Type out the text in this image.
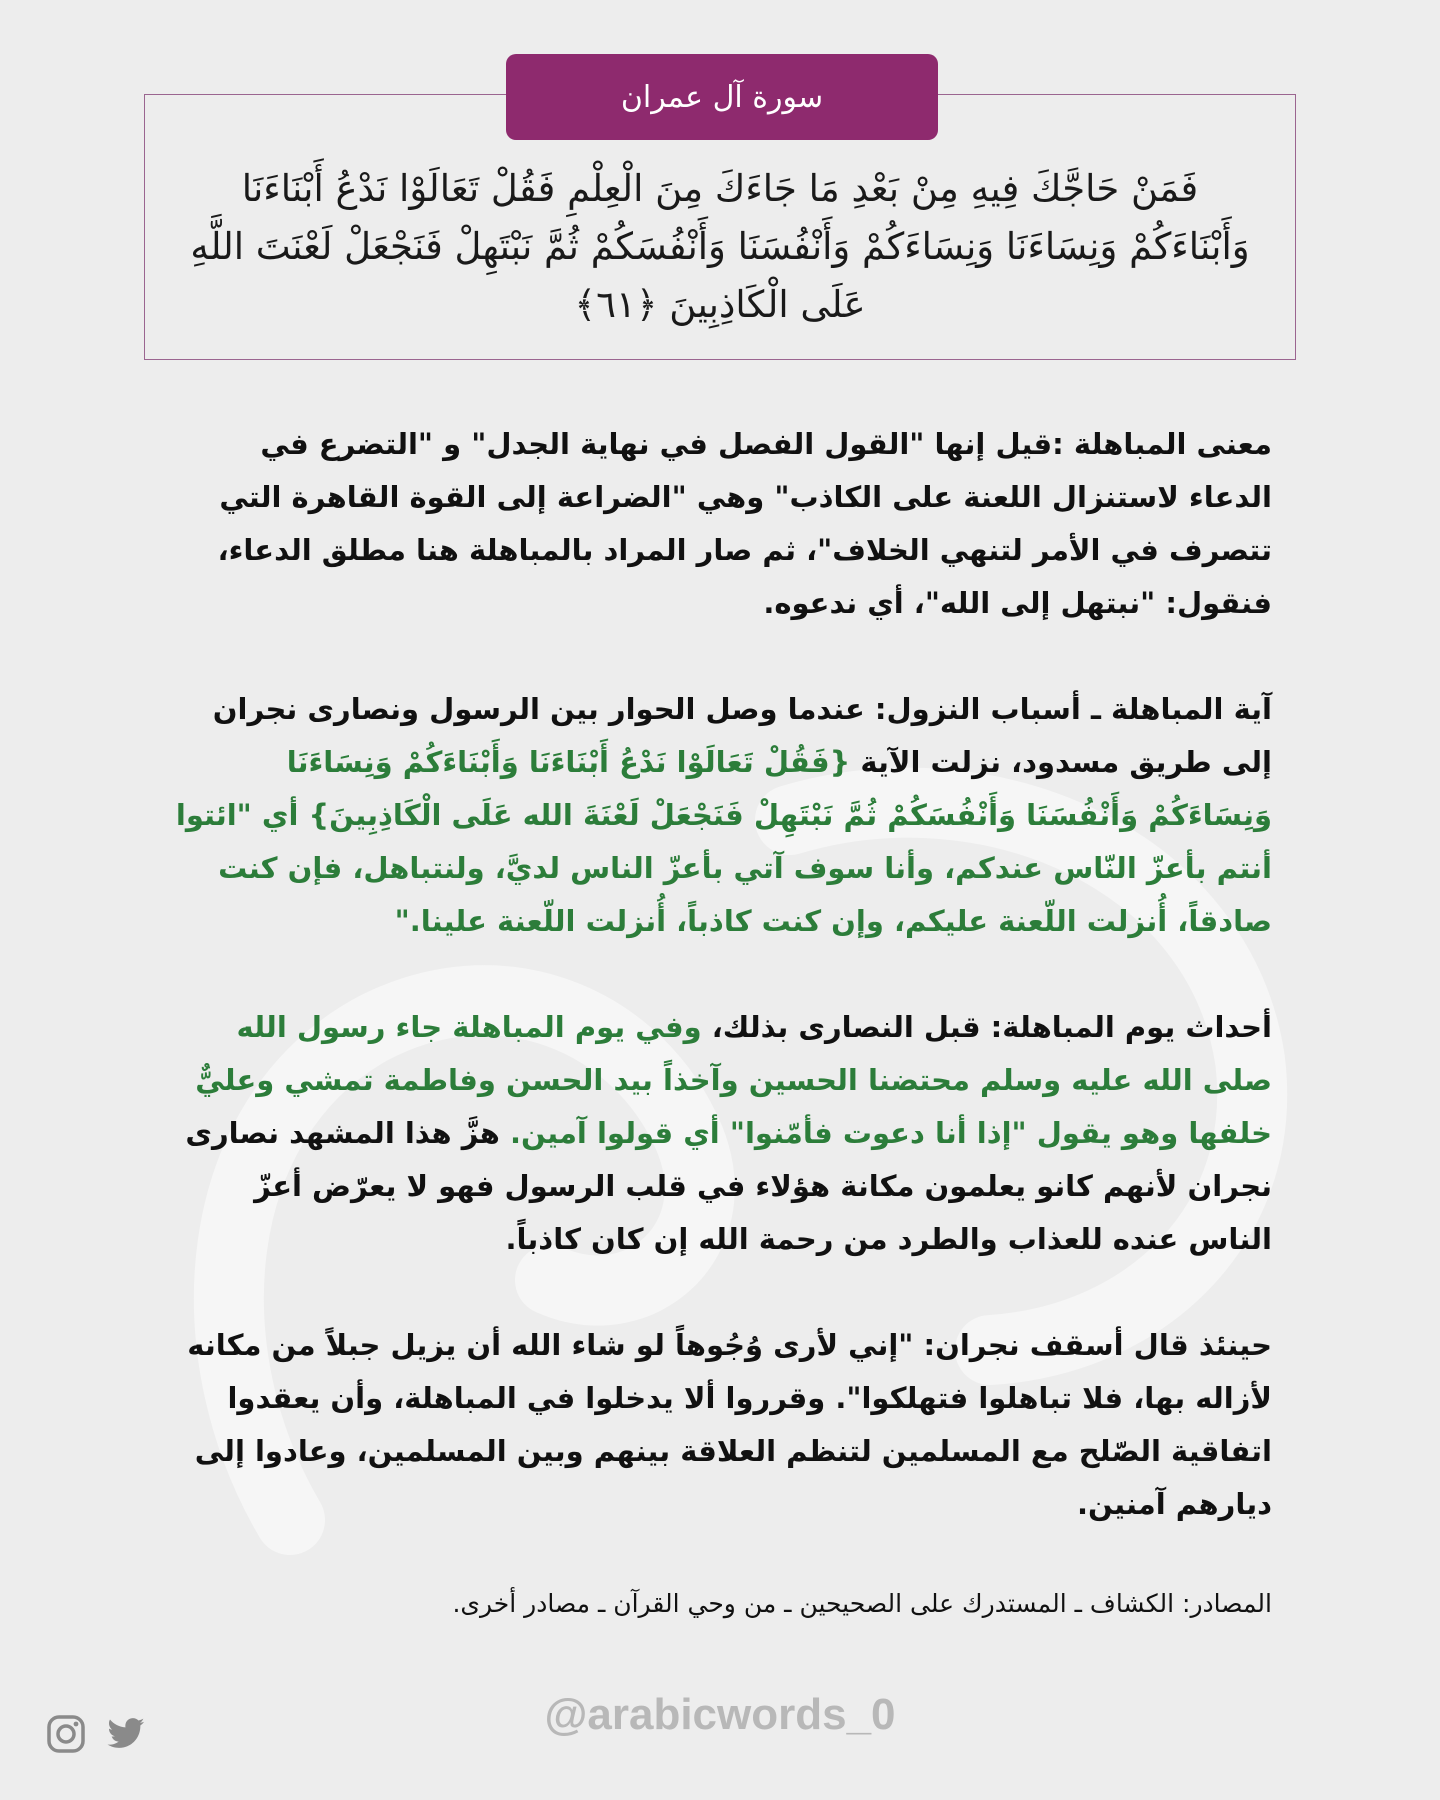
سورة آل عمران
فَمَنْ حَاجَّكَ فِيهِ مِنْ بَعْدِ مَا جَاءَكَ مِنَ الْعِلْمِ فَقُلْ تَعَالَوْا نَدْعُ أَبْنَاءَنَا وَأَبْنَاءَكُمْ وَنِسَاءَنَا وَنِسَاءَكُمْ وَأَنْفُسَنَا وَأَنْفُسَكُمْ ثُمَّ نَبْتَهِلْ فَنَجْعَلْ لَعْنَتَ اللَّهِ عَلَى الْكَاذِبِينَ ﴿٦١﴾

معنى المباهلة :قيل إنها "القول الفصل في نهاية الجدل" و "التضرع في الدعاء لاستنزال اللعنة على الكاذب" وهي "الضراعة إلى القوة القاهرة التي تتصرف في الأمر لتنهي الخلاف"، ثم صار المراد بالمباهلة هنا مطلق الدعاء، فنقول: "نبتهل إلى الله"، أي ندعوه.

آية المباهلة ـ أسباب النزول: عندما وصل الحوار بين الرسول ونصارى نجران إلى طريق مسدود، نزلت الآية {فَقُلْ تَعَالَوْا نَدْعُ أَبْنَاءَنَا وَأَبْنَاءَكُمْ وَنِسَاءَنَا وَنِسَاءَكُمْ وَأَنْفُسَنَا وَأَنْفُسَكُمْ ثُمَّ نَبْتَهِلْ فَنَجْعَلْ لَعْنَةَ الله عَلَى الْكَاذِبِينَ} أي "ائتوا أنتم بأعزّ النّاس عندكم، وأنا سوف آتي بأعزّ الناس لديَّ، ولنتباهل، فإن كنت صادقاً، أُنزلت اللّعنة عليكم، وإن كنت كاذباً، أُنزلت اللّعنة علينا."

أحداث يوم المباهلة: قبل النصارى بذلك، وفي يوم المباهلة جاء رسول الله صلى الله عليه وسلم محتضنا الحسين وآخذاً بيد الحسن وفاطمة تمشي وعليٌّ خلفها وهو يقول "إذا أنا دعوت فأمّنوا" أي قولوا آمين. هزَّ هذا المشهد نصارى نجران لأنهم كانو يعلمون مكانة هؤلاء في قلب الرسول فهو لا يعرّض أعزّ الناس عنده للعذاب والطرد من رحمة الله إن كان كاذباً.

حينئذ قال أسقف نجران: "إني لأرى وُجُوهاً لو شاء الله أن يزيل جبلاً من مكانه لأزاله بها، فلا تباهلوا فتهلكوا". وقرروا ألا يدخلوا في المباهلة، وأن يعقدوا اتفاقية الصّلح مع المسلمين لتنظم العلاقة بينهم وبين المسلمين، وعادوا إلى ديارهم آمنين.

المصادر: الكشاف ـ المستدرك على الصحيحين ـ من وحي القرآن ـ مصادر أخرى.

@arabicwords_0
